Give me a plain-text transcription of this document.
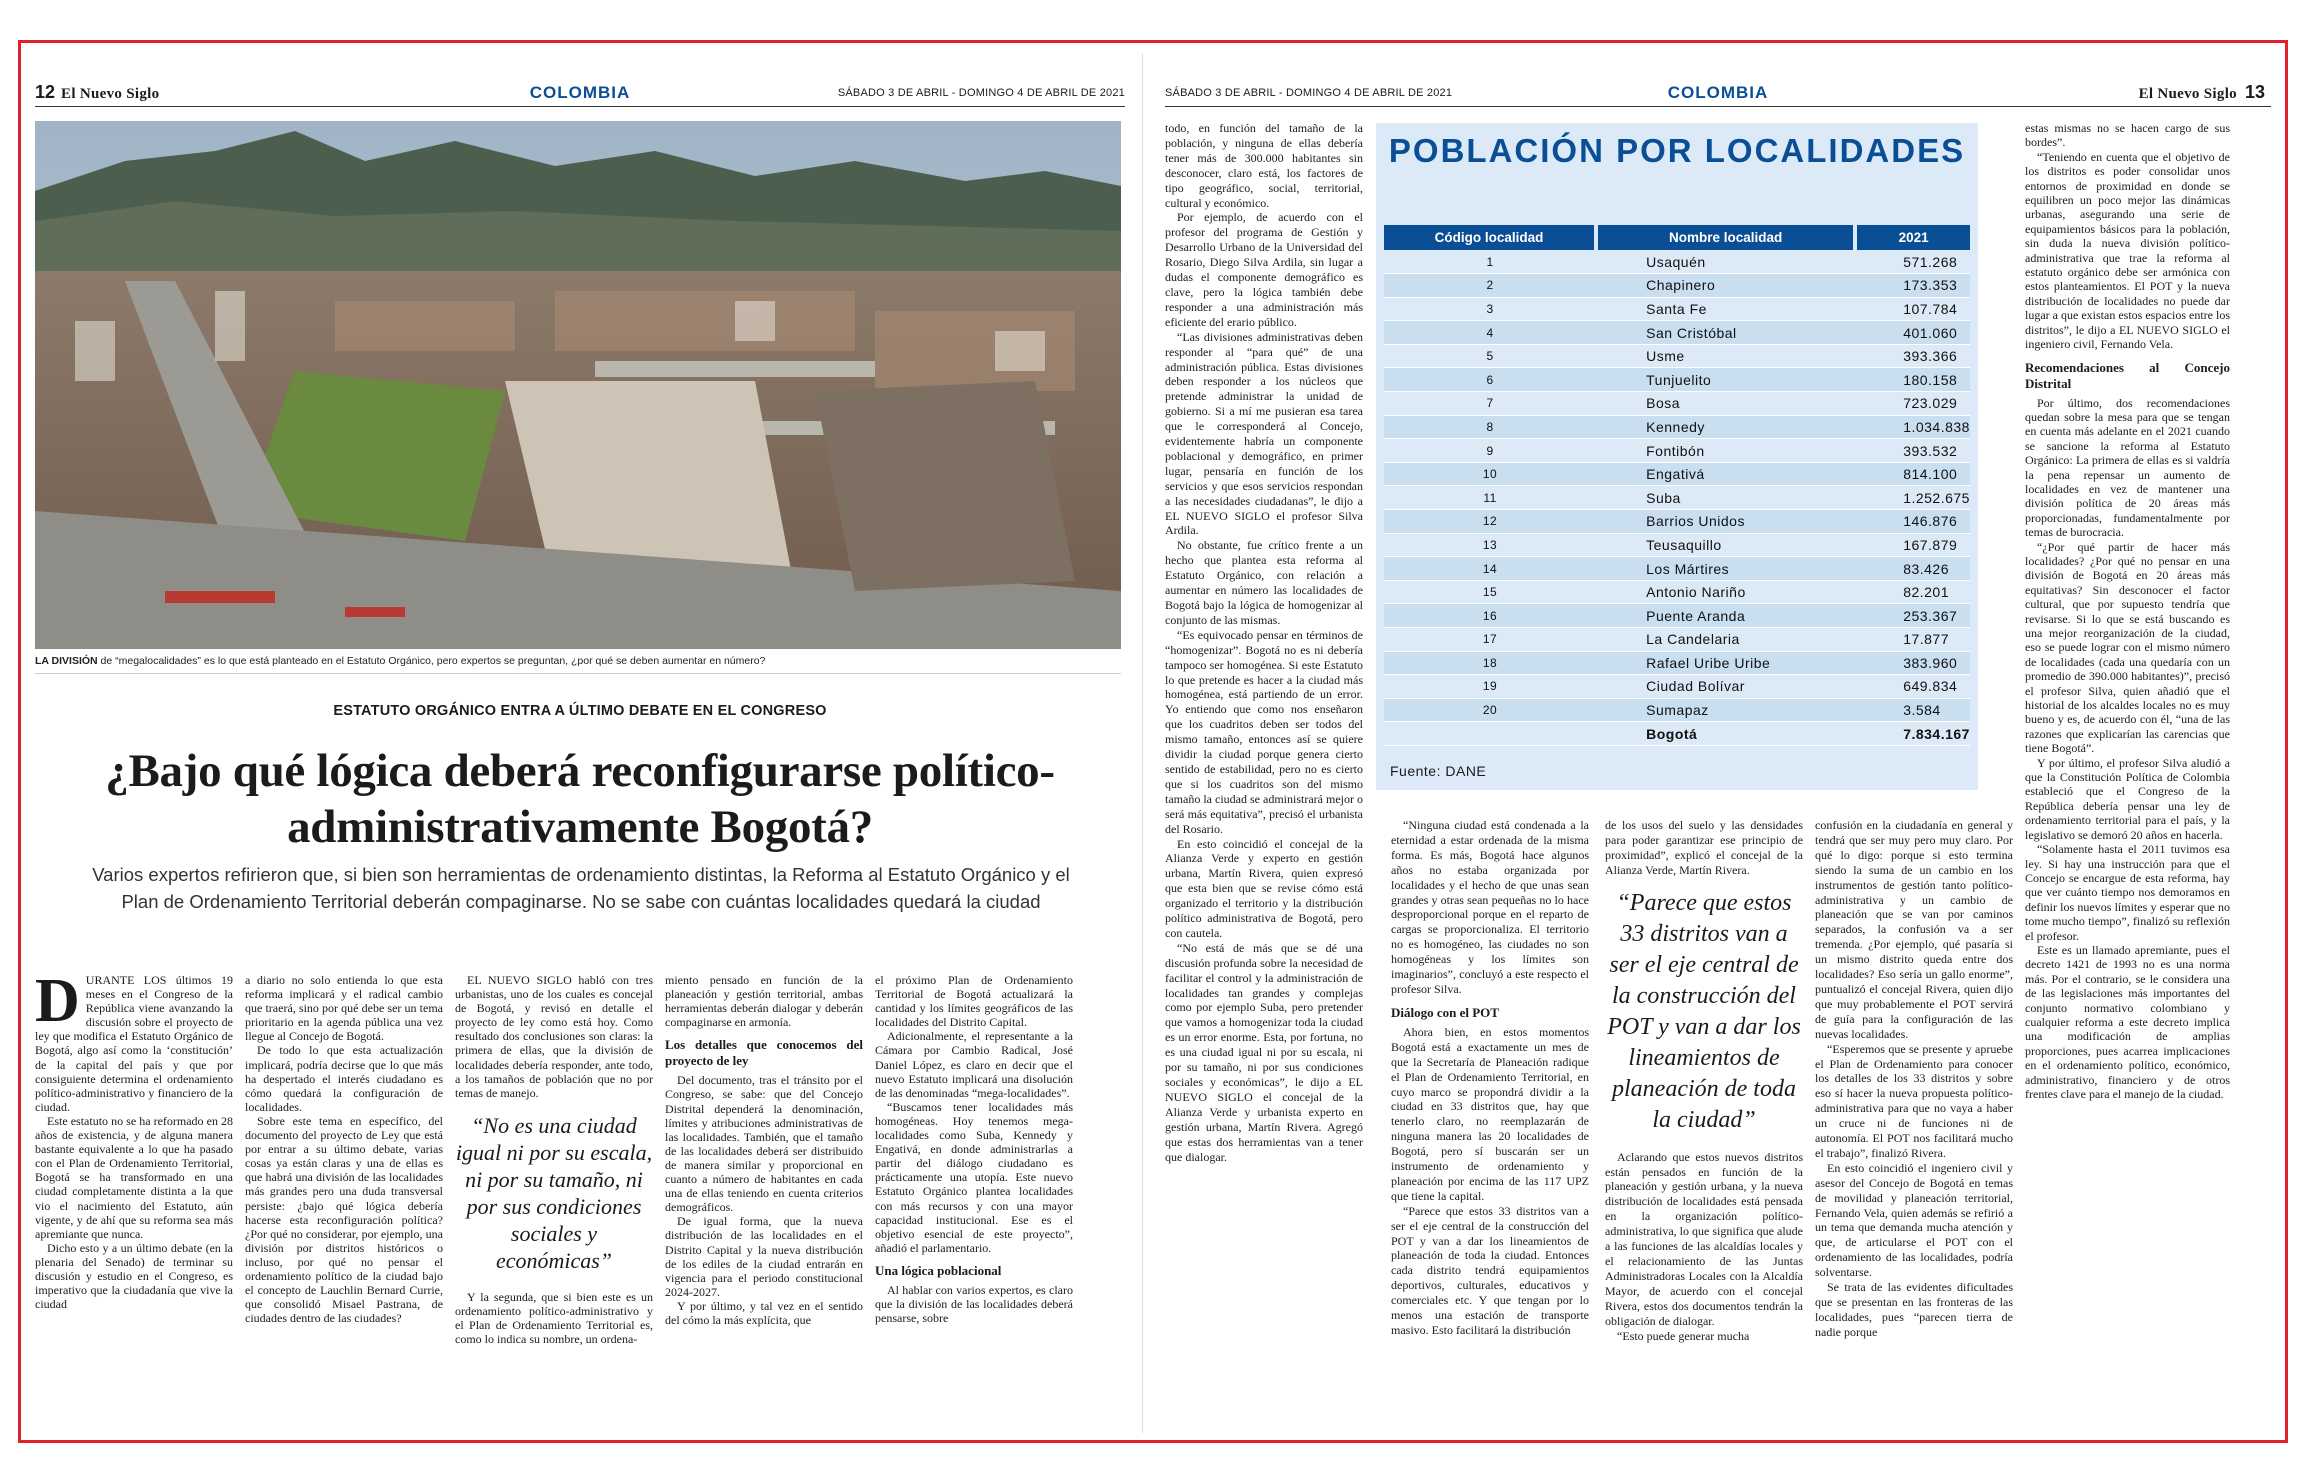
12 El Nuevo Siglo	COLOMBIA	SÁBADO 3 DE ABRIL - DOMINGO 4 DE ABRIL DE 2021
LA DIVISIÓN de “megalocalidades” es lo que está planteado en el Estatuto Orgánico, pero expertos se preguntan, ¿por qué se deben aumentar en número?
ESTATUTO ORGÁNICO ENTRA A ÚLTIMO DEBATE EN EL CONGRESO
¿Bajo qué lógica deberá reconfigurarse político-administrativamente Bogotá?
Varios expertos refirieron que, si bien son herramientas de ordenamiento distintas, la Reforma al Estatuto Orgánico y el Plan de Ordenamiento Territorial deberán compaginarse. No se sabe con cuántas localidades quedará la ciudad

DURANTE LOS últimos 19 meses en el Congreso de la República viene avanzando la discusión sobre el proyecto de ley que modifica el Estatuto Orgánico de Bogotá, algo así como la ‘constitución’ de la capital del país y que por consiguiente determina el ordenamiento político-administrativo y financiero de la ciudad.

Este estatuto no se ha reformado en 28 años de existencia, y de alguna manera bastante equivalente a lo que ha pasado con el Plan de Ordenamiento Territorial, Bogotá se ha transformado en una ciudad completamente distinta a la que vio el nacimiento del Estatuto, aún vigente, y de ahí que su reforma sea más apremiante que nunca.

Dicho esto y a un último debate (en la plenaria del Senado) de terminar su discusión y estudio en el Congreso, es imperativo que la ciudadanía que vive la ciudad

a diario no solo entienda lo que esta reforma implicará y el radical cambio que traerá, sino por qué debe ser un tema prioritario en la agenda pública una vez llegue al Concejo de Bogotá.

De todo lo que esta actualización implicará, podría decirse que lo que más ha despertado el interés ciudadano es cómo quedará la configuración de localidades.

Sobre este tema en específico, del documento del proyecto de Ley que está por entrar a su último debate, varias cosas ya están claras y una de ellas es que habrá una división de las localidades más grandes pero una duda transversal persiste: ¿bajo qué lógica debería hacerse esta reconfiguración política? ¿Por qué no considerar, por ejemplo, una división por distritos históricos o incluso, por qué no pensar el ordenamiento político de la ciudad bajo el concepto de Lauchlin Bernard Currie, que consolidó Misael Pastrana, de ciudades dentro de las ciudades?

EL NUEVO SIGLO habló con tres urbanistas, uno de los cuales es concejal de Bogotá, y revisó en detalle el proyecto de ley como está hoy. Como resultado dos conclusiones son claras: la primera de ellas, que la división de localidades debería responder, ante todo, a los tamaños de población que no por temas de manejo.

“No es una ciudad igual ni por su escala, ni por su tamaño, ni por sus condiciones sociales y económicas”

Y la segunda, que si bien este es un ordenamiento político-administrativo y el Plan de Ordenamiento Territorial es, como lo indica su nombre, un ordena-

miento pensado en función de la planeación y gestión territorial, ambas herramientas deberán dialogar y deberán compaginarse en armonía.

Los detalles que conocemos del proyecto de ley

Del documento, tras el tránsito por el Congreso, se sabe: que del Concejo Distrital dependerá la denominación, límites y atribuciones administrativas de las localidades. También, que el tamaño de las localidades deberá ser distribuido de manera similar y proporcional en cuanto a número de habitantes en cada una de ellas teniendo en cuenta criterios demográficos.

De igual forma, que la nueva distribución de las localidades en el Distrito Capital y la nueva distribución de los ediles de la ciudad entrarán en vigencia para el periodo constitucional 2024-2027.

Y por último, y tal vez en el sentido del cómo la más explícita, que

el próximo Plan de Ordenamiento Territorial de Bogotá actualizará la cantidad y los límites geográficos de las localidades del Distrito Capital.

Adicionalmente, el representante a la Cámara por Cambio Radical, José Daniel López, es claro en decir que el nuevo Estatuto implicará una disolución de las denominadas “mega-localidades”.

“Buscamos tener localidades más homogéneas. Hoy tenemos mega-localidades como Suba, Kennedy y Engativá, en donde administrarlas a partir del diálogo ciudadano es prácticamente una utopía. Este nuevo Estatuto Orgánico plantea localidades con más recursos y con una mayor capacidad institucional. Ese es el objetivo esencial de este proyecto”, añadió el parlamentario.

Una lógica poblacional

Al hablar con varios expertos, es claro que la división de las localidades deberá pensarse, sobre

SÁBADO 3 DE ABRIL - DOMINGO 4 DE ABRIL DE 2021	COLOMBIA	El Nuevo Siglo 13

todo, en función del tamaño de la población, y ninguna de ellas debería tener más de 300.000 habitantes sin desconocer, claro está, los factores de tipo geográfico, social, territorial, cultural y económico.

Por ejemplo, de acuerdo con el profesor del programa de Gestión y Desarrollo Urbano de la Universidad del Rosario, Diego Silva Ardila, sin lugar a dudas el componente demográfico es clave, pero la lógica también debe responder a una administración más eficiente del erario público.

“Las divisiones administrativas deben responder al “para qué” de una administración pública. Estas divisiones deben responder a los núcleos que pretende administrar la unidad de gobierno. Si a mí me pusieran esa tarea que le corresponderá al Concejo, evidentemente habría un componente poblacional y demográfico, en primer lugar, pensaría en función de los servicios y que esos servicios respondan a las necesidades ciudadanas”, le dijo a EL NUEVO SIGLO el profesor Silva Ardila.

No obstante, fue crítico frente a un hecho que plantea esta reforma al Estatuto Orgánico, con relación a aumentar en número las localidades de Bogotá bajo la lógica de homogenizar al conjunto de las mismas.

“Es equivocado pensar en términos de “homogenizar”. Bogotá no es ni debería tampoco ser homogénea. Si este Estatuto lo que pretende es hacer a la ciudad más homogénea, está partiendo de un error. Yo entiendo que como nos enseñaron que los cuadritos deben ser todos del mismo tamaño, entonces así se quiere dividir la ciudad porque genera cierto sentido de estabilidad, pero no es cierto que si los cuadritos son del mismo tamaño la ciudad se administrará mejor o será más equitativa”, precisó el urbanista del Rosario.

En esto coincidió el concejal de la Alianza Verde y experto en gestión urbana, Martín Rivera, quien expresó que esta bien que se revise cómo está organizado el territorio y la distribución político administrativa de Bogotá, pero con cautela.

“No está de más que se dé una discusión profunda sobre la necesidad de facilitar el control y la administración de localidades tan grandes y complejas como por ejemplo Suba, pero pretender que vamos a homogenizar toda la ciudad es un error enorme. Esta, por fortuna, no es una ciudad igual ni por su escala, ni por su tamaño, ni por sus condiciones sociales y económicas”, le dijo a EL NUEVO SIGLO el concejal de la Alianza Verde y urbanista experto en gestión urbana, Martín Rivera. Agregó que estas dos herramientas van a tener que dialogar.

POBLACIÓN POR LOCALIDADES
Código localidad	Nombre localidad	2021
1	Usaquén	571.268
2	Chapinero	173.353
3	Santa Fe	107.784
4	San Cristóbal	401.060
5	Usme	393.366
6	Tunjuelito	180.158
7	Bosa	723.029
8	Kennedy	1.034.838
9	Fontibón	393.532
10	Engativá	814.100
11	Suba	1.252.675
12	Barrios Unidos	146.876
13	Teusaquillo	167.879
14	Los Mártires	83.426
15	Antonio Nariño	82.201
16	Puente Aranda	253.367
17	La Candelaria	17.877
18	Rafael Uribe Uribe	383.960
19	Ciudad Bolívar	649.834
20	Sumapaz	3.584
	Bogotá	7.834.167
Fuente: DANE

“Ninguna ciudad está condenada a la eternidad a estar ordenada de la misma forma. Es más, Bogotá hace algunos años no estaba organizada por localidades y el hecho de que unas sean grandes y otras sean pequeñas no lo hace desproporcional porque en el reparto de cargas se proporcionaliza. El territorio no es homogéneo, las ciudades no son homogéneas y los límites son imaginarios”, concluyó a este respecto el profesor Silva.

Diálogo con el POT

Ahora bien, en estos momentos Bogotá está a exactamente un mes de que la Secretaría de Planeación radique el Plan de Ordenamiento Territorial, en cuyo marco se propondrá dividir a la ciudad en 33 distritos que, hay que tenerlo claro, no reemplazarán de ninguna manera las 20 localidades de Bogotá, pero sí buscarán ser un instrumento de ordenamiento y planeación por encima de las 117 UPZ que tiene la capital.

“Parece que estos 33 distritos van a ser el eje central de la construcción del POT y van a dar los lineamientos de planeación de toda la ciudad. Entonces cada distrito tendrá equipamientos deportivos, culturales, educativos y comerciales etc. Y que tengan por lo menos una estación de transporte masivo. Esto facilitará la distribución

de los usos del suelo y las densidades para poder garantizar ese principio de proximidad”, explicó el concejal de la Alianza Verde, Martín Rivera.

“Parece que estos 33 distritos van a ser el eje central de la construcción del POT y van a dar los lineamientos de planeación de toda la ciudad”

Aclarando que estos nuevos distritos están pensados en función de la planeación y gestión urbana, y la nueva distribución de localidades está pensada en la organización político-administrativa, lo que significa que alude a las funciones de las alcaldías locales y el relacionamiento de las Juntas Administradoras Locales con la Alcaldía Mayor, de acuerdo con el concejal Rivera, estos dos documentos tendrán la obligación de dialogar.

“Esto puede generar mucha

confusión en la ciudadanía en general y tendrá que ser muy pero muy claro. Por qué lo digo: porque si esto termina siendo la suma de un cambio en los instrumentos de gestión tanto político-administrativa y un cambio de planeación que se van por caminos separados, la confusión va a ser tremenda. ¿Por ejemplo, qué pasaría si un mismo distrito queda entre dos localidades? Eso sería un gallo enorme”, puntualizó el concejal Rivera, quien dijo que muy probablemente el POT servirá de guía para la configuración de las nuevas localidades.

“Esperemos que se presente y apruebe el Plan de Ordenamiento para conocer los detalles de los 33 distritos y sobre eso sí hacer la nueva propuesta político-administrativa para que no vaya a haber un cruce ni de funciones ni de autonomía. El POT nos facilitará mucho el trabajo”, finalizó Rivera.

En esto coincidió el ingeniero civil y asesor del Concejo de Bogotá en temas de movilidad y planeación territorial, Fernando Vela, quien además se refirió a un tema que demanda mucha atención y que, de articularse el POT con el ordenamiento de las localidades, podría solventarse.

Se trata de las evidentes dificultades que se presentan en las fronteras de las localidades, pues “parecen tierra de nadie porque

estas mismas no se hacen cargo de sus bordes”.

“Teniendo en cuenta que el objetivo de los distritos es poder consolidar unos entornos de proximidad en donde se equilibren un poco mejor las dinámicas urbanas, asegurando una serie de equipamientos básicos para la población, sin duda la nueva división político-administrativa que trae la reforma al estatuto orgánico debe ser armónica con estos planteamientos. El POT y la nueva distribución de localidades no puede dar lugar a que existan estos espacios entre los distritos”, le dijo a EL NUEVO SIGLO el ingeniero civil, Fernando Vela.

Recomendaciones al Concejo Distrital

Por último, dos recomendaciones quedan sobre la mesa para que se tengan en cuenta más adelante en el 2021 cuando se sancione la reforma al Estatuto Orgánico: La primera de ellas es si valdría la pena repensar un aumento de localidades en vez de mantener una división política de 20 áreas más proporcionadas, fundamentalmente por temas de burocracia.

“¿Por qué partir de hacer más localidades? ¿Por qué no pensar en una división de Bogotá en 20 áreas más equitativas? Sin desconocer el factor cultural, que por supuesto tendría que revisarse. Si lo que se está buscando es una mejor reorganización de la ciudad, eso se puede lograr con el mismo número de localidades (cada una quedaría con un promedio de 390.000 habitantes)”, precisó el profesor Silva, quien añadió que el historial de los alcaldes locales no es muy bueno y es, de acuerdo con él, “una de las razones que explicarían las carencias que tiene Bogotá”.

Y por último, el profesor Silva aludió a que la Constitución Política de Colombia estableció que el Congreso de la República debería pensar una ley de ordenamiento territorial para el país, y la legislativo se demoró 20 años en hacerla.

“Solamente hasta el 2011 tuvimos esa ley. Si hay una instrucción para que el Concejo se encargue de esta reforma, hay que ver cuánto tiempo nos demoramos en definir los nuevos límites y esperar que no tome mucho tiempo”, finalizó su reflexión el profesor.

Este es un llamado apremiante, pues el decreto 1421 de 1993 no es una norma más. Por el contrario, se le considera una de las legislaciones más importantes del conjunto normativo colombiano y cualquier reforma a este decreto implica una modificación de amplias proporciones, pues acarrea implicaciones en el ordenamiento político, económico, administrativo, financiero y de otros frentes clave para el manejo de la ciudad.
